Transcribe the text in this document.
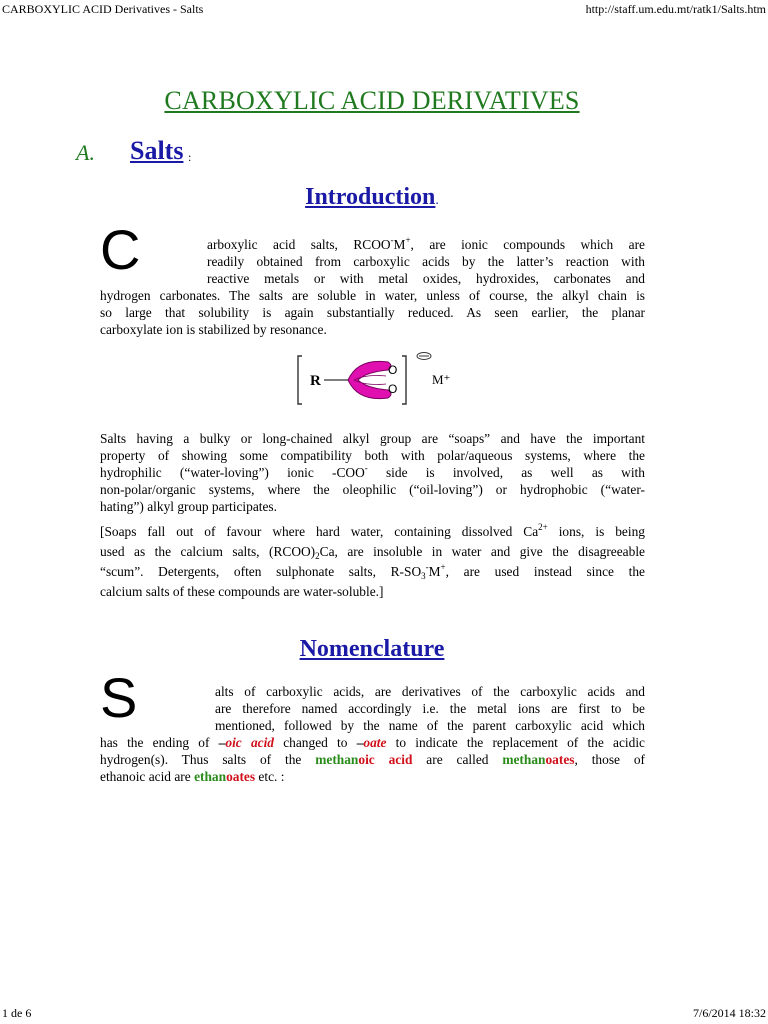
CARBOXYLIC ACID Derivatives - Salts	http://staff.um.edu.mt/ratk1/Salts.htm
CARBOXYLIC ACID DERIVATIVES
A. Salts :
Introduction.
C	arboxylic acid salts, RCOO-M+, are ionic compounds which are
readily obtained from carboxylic acids by the latter’s reaction with
reactive metals or with metal oxides, hydroxides, carbonates and
hydrogen carbonates. The salts are soluble in water, unless of course, the alkyl chain is
so large that solubility is again substantially reduced. As seen earlier, the planar
carboxylate ion is stabilized by resonance.
R
O
O
M⁺
Salts having a bulky or long-chained alkyl group are “soaps” and have the important
property of showing some compatibility both with polar/aqueous systems, where the
hydrophilic (“water-loving”) ionic -COO- side is involved, as well as with
non-polar/organic systems, where the oleophilic (“oil-loving”) or hydrophobic (“water-
hating”) alkyl group participates.
[Soaps fall out of favour where hard water, containing dissolved $Ca^{2+}$ ions, is being
used as the calcium salts, $(RCOO)_2Ca$, are insoluble in water and give the disagreeable
“scum”. Detergents, often sulphonate salts, $R-SO_3^-M^+$, are used instead since the
calcium salts of these compounds are water-soluble.]
Nomenclature
S	alts of carboxylic acids, are derivatives of the carboxylic acids and
are therefore named accordingly i.e. the metal ions are first to be
mentioned, followed by the name of the parent carboxylic acid which
has the ending of –oic acid changed to –oate to indicate the replacement of the acidic
hydrogen(s). Thus salts of the methanoic acid are called methanoates, those of
ethanoic acid are ethanoates etc. :
1 de 6	7/6/2014 18:32
